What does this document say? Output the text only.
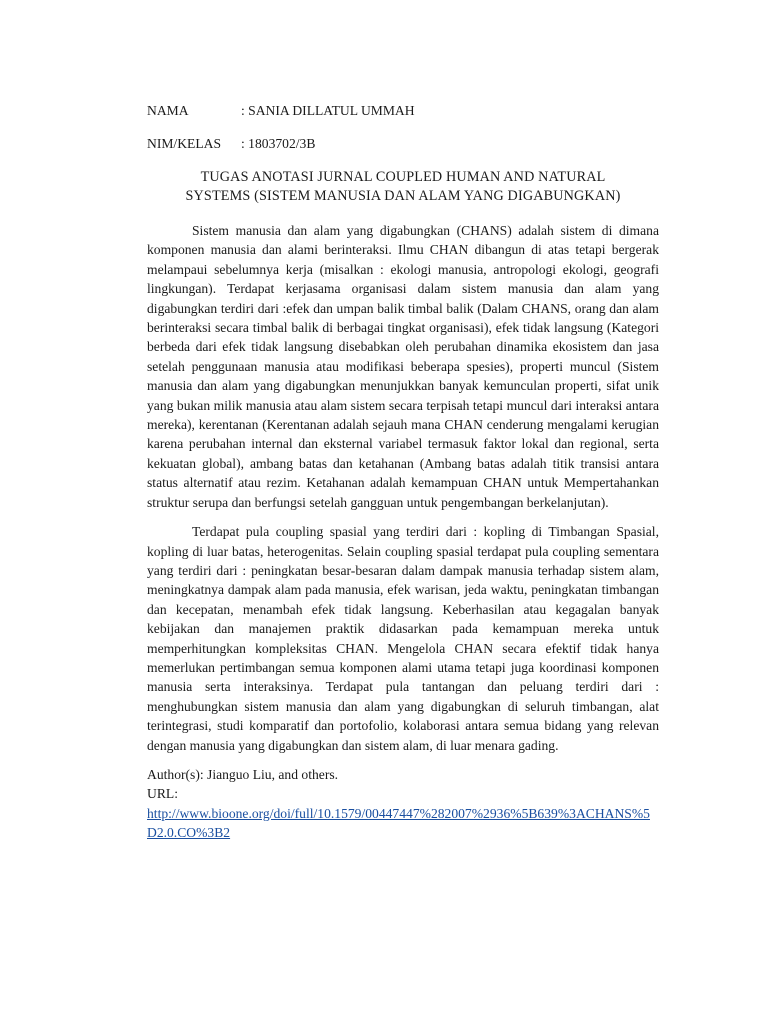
NAMA	: SANIA DILLATUL UMMAH
NIM/KELAS	: 1803702/3B
TUGAS ANOTASI JURNAL COUPLED HUMAN AND NATURAL
SYSTEMS (SISTEM MANUSIA DAN ALAM YANG DIGABUNGKAN)

Sistem manusia dan alam yang digabungkan (CHANS) adalah sistem di dimana komponen manusia dan alami berinteraksi. Ilmu CHAN dibangun di atas tetapi bergerak melampaui sebelumnya kerja (misalkan : ekologi manusia, antropologi ekologi, geografi lingkungan). Terdapat kerjasama organisasi dalam sistem manusia dan alam yang digabungkan terdiri dari :efek dan umpan balik timbal balik (Dalam CHANS, orang dan alam berinteraksi secara timbal balik di berbagai tingkat organisasi), efek tidak langsung (Kategori berbeda dari efek tidak langsung disebabkan oleh perubahan dinamika ekosistem dan jasa setelah penggunaan manusia atau modifikasi beberapa spesies), properti muncul (Sistem manusia dan alam yang digabungkan menunjukkan banyak kemunculan properti, sifat unik yang bukan milik manusia atau alam sistem secara terpisah tetapi muncul dari interaksi antara mereka), kerentanan (Kerentanan adalah sejauh mana CHAN cenderung mengalami kerugian karena perubahan internal dan eksternal variabel termasuk faktor lokal dan regional, serta kekuatan global), ambang batas dan ketahanan (Ambang batas adalah titik transisi antara status alternatif atau rezim. Ketahanan adalah kemampuan CHAN untuk Mempertahankan struktur serupa dan berfungsi setelah gangguan untuk pengembangan berkelanjutan).

Terdapat pula coupling spasial yang terdiri dari : kopling di Timbangan Spasial, kopling di luar batas, heterogenitas. Selain coupling spasial terdapat pula coupling sementara yang terdiri dari : peningkatan besar-besaran dalam dampak manusia terhadap sistem alam, meningkatnya dampak alam pada manusia, efek warisan, jeda waktu, peningkatan timbangan dan kecepatan, menambah efek tidak langsung. Keberhasilan atau kegagalan banyak kebijakan dan manajemen praktik didasarkan pada kemampuan mereka untuk memperhitungkan kompleksitas CHAN. Mengelola CHAN secara efektif tidak hanya memerlukan pertimbangan semua komponen alami utama tetapi juga koordinasi komponen manusia serta interaksinya. Terdapat pula tantangan dan peluang terdiri dari : menghubungkan sistem manusia dan alam yang digabungkan di seluruh timbangan, alat terintegrasi, studi komparatif dan portofolio, kolaborasi antara semua bidang yang relevan dengan manusia yang digabungkan dan sistem alam, di luar menara gading.

Author(s): Jianguo Liu, and others.

URL:

http://www.bioone.org/doi/full/10.1579/00447447%282007%2936%5B639%3ACHANS%5D2.0.CO%3B2
